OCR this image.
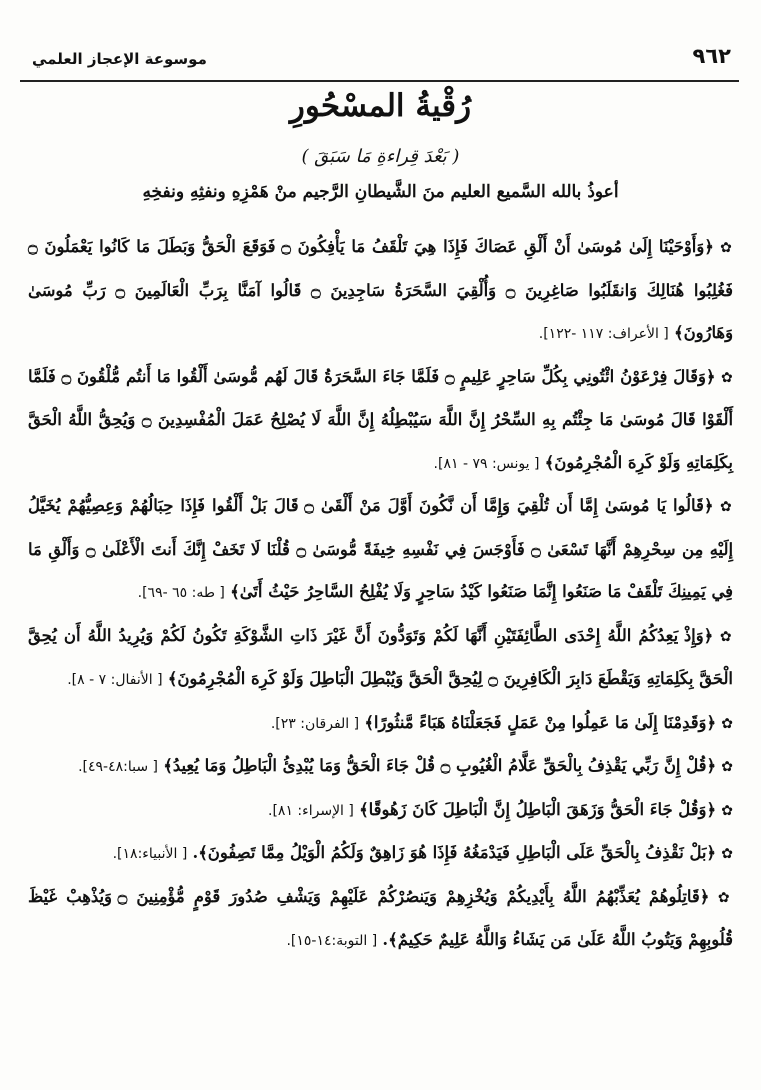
موسوعة الإعجاز العلمي	٩٦٢
رُقْيةُ المسْحُورِ
( بَعْدَ قِراءةِ مَا سَبَقَ )
أعوذُ بالله السَّميع العليم منَ الشَّيطانِ الرَّجيم منْ هَمْزِهِ ونفثِهِ ونفخِهِ

✿ ﴿وَأَوْحَيْنَا إِلَىٰ مُوسَىٰ أَنْ أَلْقِ عَصَاكَ فَإِذَا هِيَ تَلْقَفُ مَا يَأْفِكُونَ ۝ فَوَقَعَ الْحَقُّ وَبَطَلَ مَا كَانُوا يَعْمَلُونَ ۝ فَغُلِبُوا هُنَالِكَ وَانقَلَبُوا صَاغِرِينَ ۝ وَأُلْقِيَ السَّحَرَةُ سَاجِدِينَ ۝ قَالُوا آمَنَّا بِرَبِّ الْعَالَمِينَ ۝ رَبِّ مُوسَىٰ وَهَارُونَ﴾ [ الأعراف: ١١٧ -١٢٢].

✿ ﴿وَقَالَ فِرْعَوْنُ ائْتُونِي بِكُلِّ سَاحِرٍ عَلِيمٍ ۝ فَلَمَّا جَاءَ السَّحَرَةُ قَالَ لَهُم مُّوسَىٰ أَلْقُوا مَا أَنتُم مُّلْقُونَ ۝ فَلَمَّا أَلْقَوْا قَالَ مُوسَىٰ مَا جِئْتُم بِهِ السِّحْرُ إِنَّ اللَّهَ سَيُبْطِلُهُ إِنَّ اللَّهَ لَا يُصْلِحُ عَمَلَ الْمُفْسِدِينَ ۝ وَيُحِقُّ اللَّهُ الْحَقَّ بِكَلِمَاتِهِ وَلَوْ كَرِهَ الْمُجْرِمُونَ﴾ [ يونس: ٧٩ - ٨١].

✿ ﴿قَالُوا يَا مُوسَىٰ إِمَّا أَن تُلْقِيَ وَإِمَّا أَن نَّكُونَ أَوَّلَ مَنْ أَلْقَىٰ ۝ قَالَ بَلْ أَلْقُوا فَإِذَا حِبَالُهُمْ وَعِصِيُّهُمْ يُخَيَّلُ إِلَيْهِ مِن سِحْرِهِمْ أَنَّهَا تَسْعَىٰ ۝ فَأَوْجَسَ فِي نَفْسِهِ خِيفَةً مُّوسَىٰ ۝ قُلْنَا لَا تَخَفْ إِنَّكَ أَنتَ الْأَعْلَىٰ ۝ وَأَلْقِ مَا فِي يَمِينِكَ تَلْقَفْ مَا صَنَعُوا إِنَّمَا صَنَعُوا كَيْدُ سَاحِرٍ وَلَا يُفْلِحُ السَّاحِرُ حَيْثُ أَتَىٰ﴾ [ طه: ٦٥ -٦٩].

✿ ﴿وَإِذْ يَعِدُكُمُ اللَّهُ إِحْدَى الطَّائِفَتَيْنِ أَنَّهَا لَكُمْ وَتَوَدُّونَ أَنَّ غَيْرَ ذَاتِ الشَّوْكَةِ تَكُونُ لَكُمْ وَيُرِيدُ اللَّهُ أَن يُحِقَّ الْحَقَّ بِكَلِمَاتِهِ وَيَقْطَعَ دَابِرَ الْكَافِرِينَ ۝ لِيُحِقَّ الْحَقَّ وَيُبْطِلَ الْبَاطِلَ وَلَوْ كَرِهَ الْمُجْرِمُونَ﴾ [ الأنفال: ٧ - ٨].

✿ ﴿وَقَدِمْنَا إِلَىٰ مَا عَمِلُوا مِنْ عَمَلٍ فَجَعَلْنَاهُ هَبَاءً مَّنثُورًا﴾ [ الفرقان: ٢٣].

✿ ﴿قُلْ إِنَّ رَبِّي يَقْذِفُ بِالْحَقِّ عَلَّامُ الْغُيُوبِ ۝ قُلْ جَاءَ الْحَقُّ وَمَا يُبْدِئُ الْبَاطِلُ وَمَا يُعِيدُ﴾ [ سبا:٤٨-٤٩].

✿ ﴿وَقُلْ جَاءَ الْحَقُّ وَزَهَقَ الْبَاطِلُ إِنَّ الْبَاطِلَ كَانَ زَهُوقًا﴾ [ الإسراء: ٨١].

✿ ﴿بَلْ نَقْذِفُ بِالْحَقِّ عَلَى الْبَاطِلِ فَيَدْمَغُهُ فَإِذَا هُوَ زَاهِقٌ وَلَكُمُ الْوَيْلُ مِمَّا تَصِفُونَ﴾. [ الأنبياء:١٨].

✿ ﴿قَاتِلُوهُمْ يُعَذِّبْهُمُ اللَّهُ بِأَيْدِيكُمْ وَيُخْزِهِمْ وَيَنصُرْكُمْ عَلَيْهِمْ وَيَشْفِ صُدُورَ قَوْمٍ مُّؤْمِنِينَ ۝ وَيُذْهِبْ غَيْظَ قُلُوبِهِمْ وَيَتُوبُ اللَّهُ عَلَىٰ مَن يَشَاءُ وَاللَّهُ عَلِيمٌ حَكِيمٌ﴾. [ التوبة:١٤-١٥].
